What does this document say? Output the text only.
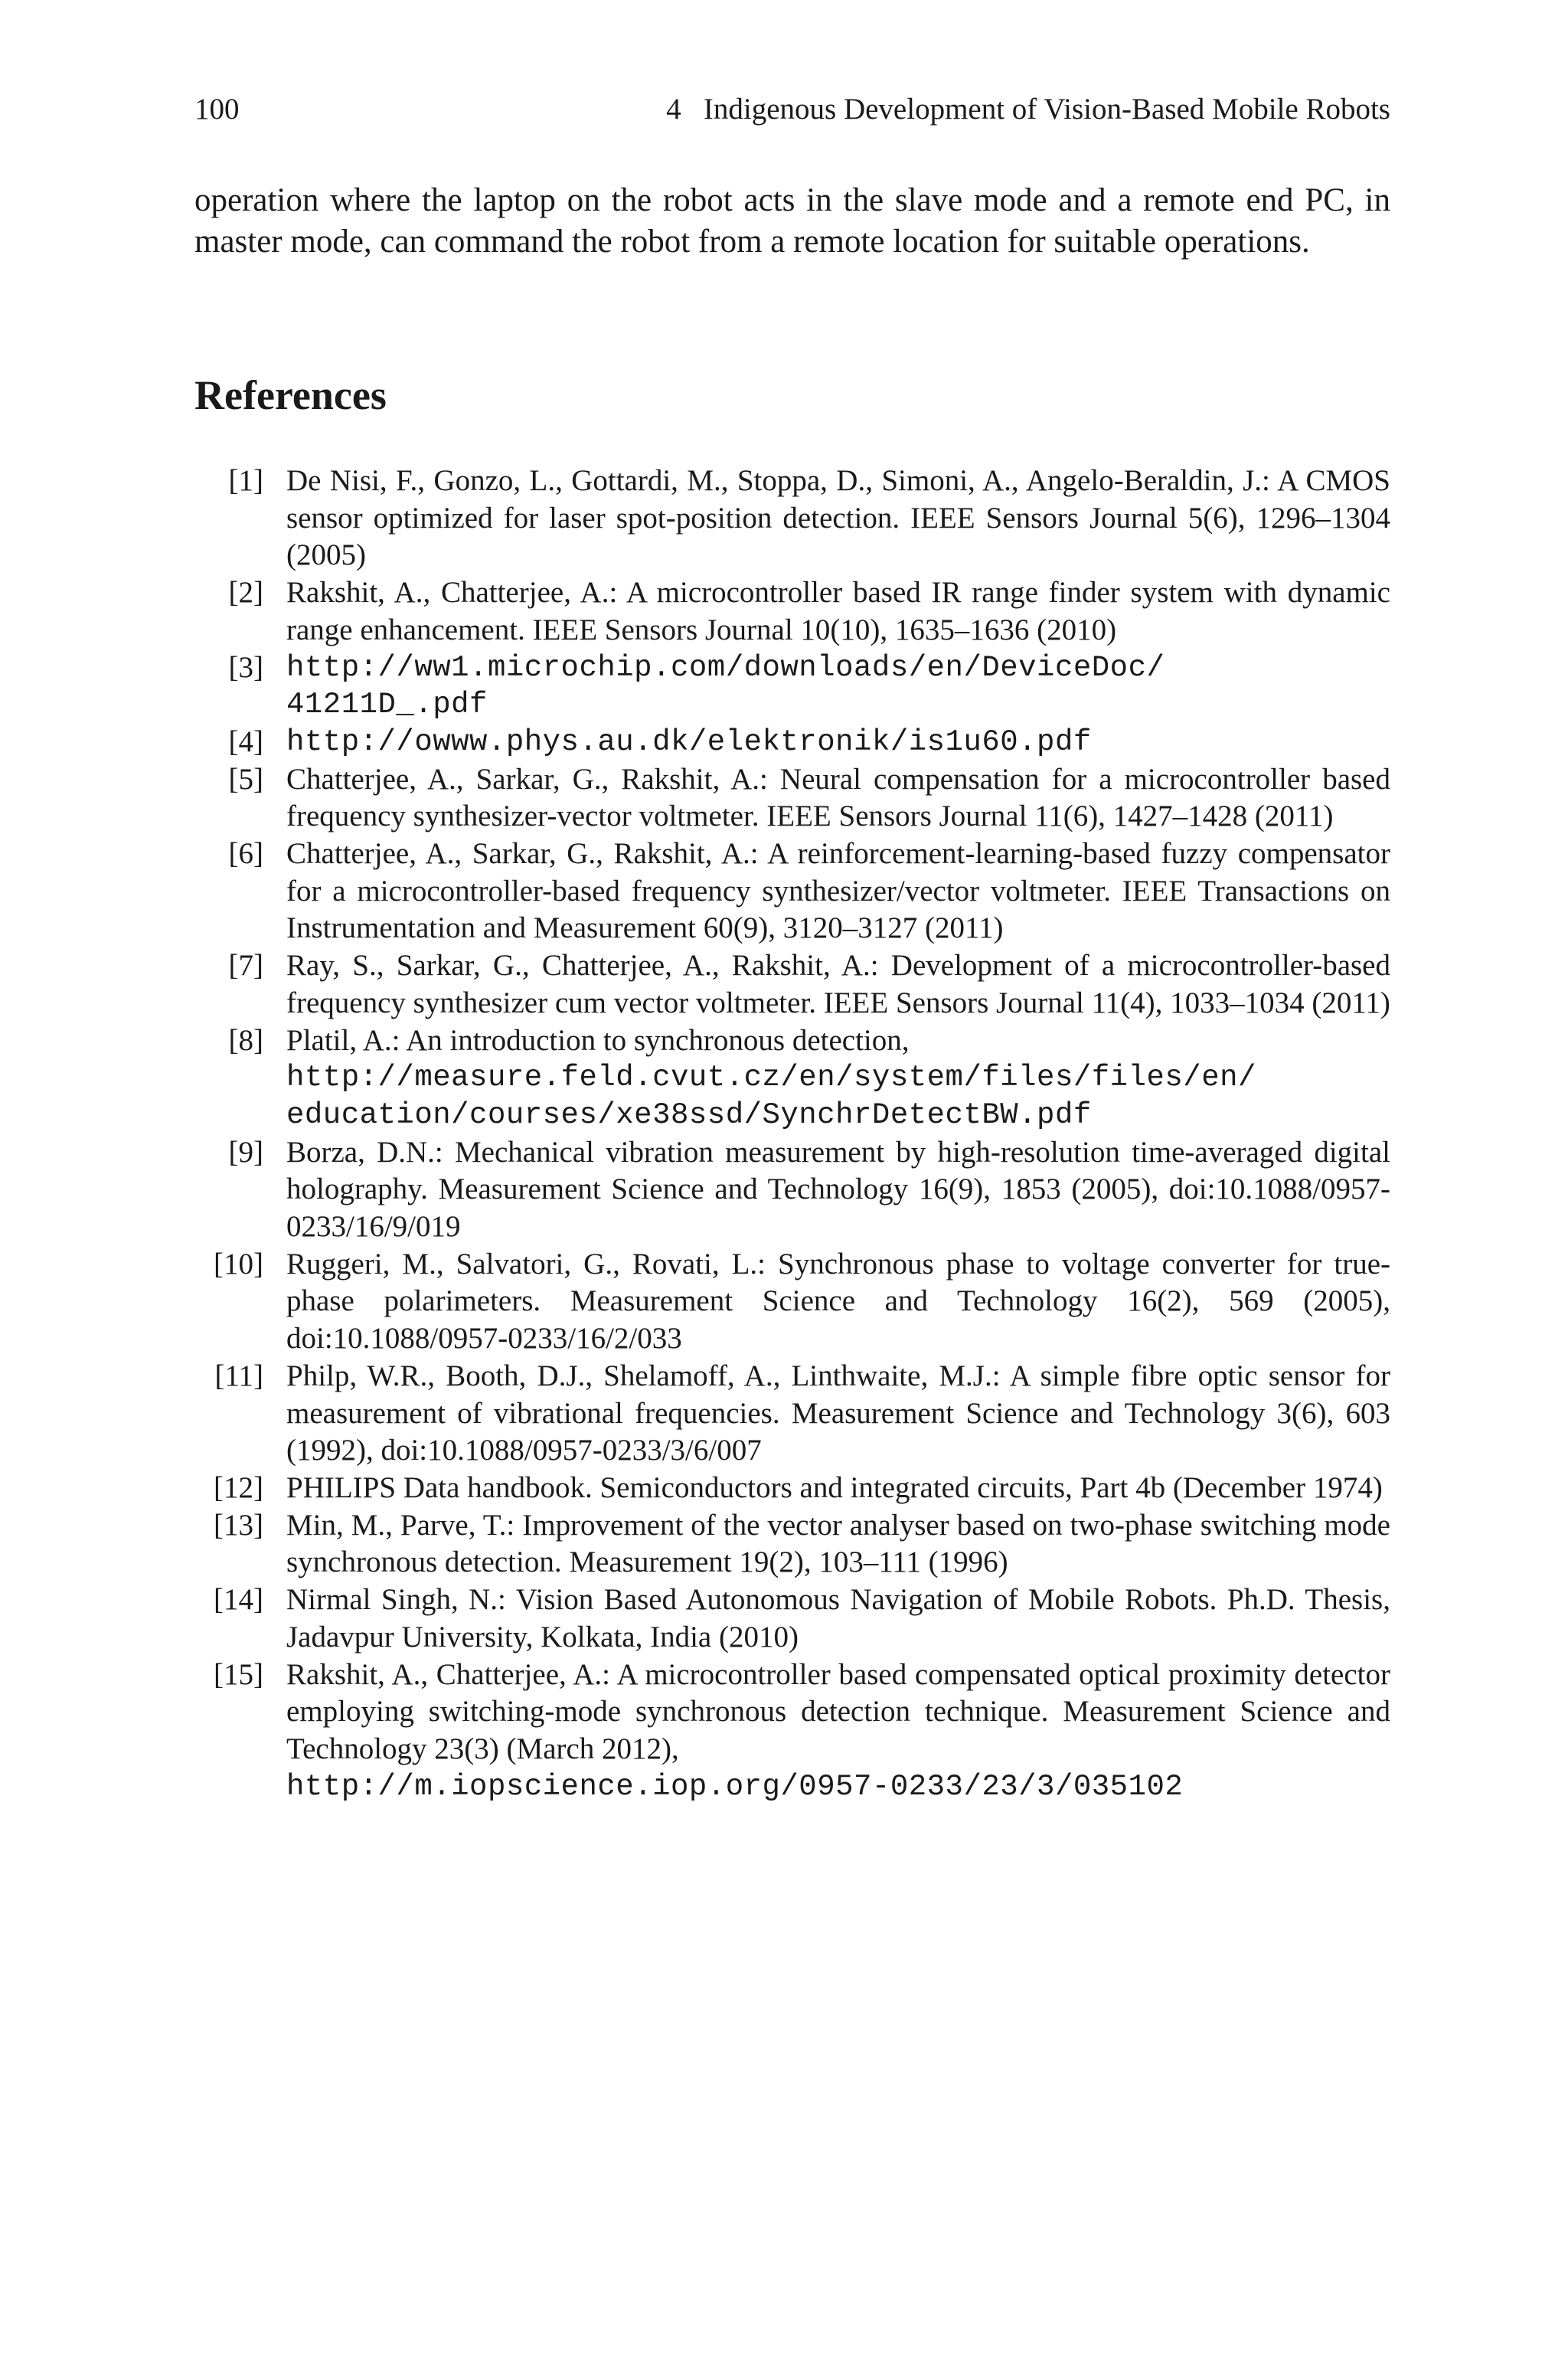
100	4   Indigenous Development of Vision-Based Mobile Robots

operation where the laptop on the robot acts in the slave mode and a remote end PC, in master mode, can command the robot from a remote location for suitable operations.

References
[1] De Nisi, F., Gonzo, L., Gottardi, M., Stoppa, D., Simoni, A., Angelo-Beraldin, J.: A CMOS sensor optimized for laser spot-position detection. IEEE Sensors Journal 5(6), 1296–1304 (2005)
[2] Rakshit, A., Chatterjee, A.: A microcontroller based IR range finder system with dynamic range enhancement. IEEE Sensors Journal 10(10), 1635–1636 (2010)
[3] http://ww1.microchip.com/downloads/en/DeviceDoc/
41211D_.pdf
[4] http://owww.phys.au.dk/elektronik/is1u60.pdf
[5] Chatterjee, A., Sarkar, G., Rakshit, A.: Neural compensation for a microcontroller based frequency synthesizer-vector voltmeter. IEEE Sensors Journal 11(6), 1427–1428 (2011)
[6] Chatterjee, A., Sarkar, G., Rakshit, A.: A reinforcement-learning-based fuzzy compensator for a microcontroller-based frequency synthesizer/vector voltmeter. IEEE Transactions on Instrumentation and Measurement 60(9), 3120–3127 (2011)
[7] Ray, S., Sarkar, G., Chatterjee, A., Rakshit, A.: Development of a microcontroller-based frequency synthesizer cum vector voltmeter. IEEE Sensors Journal 11(4), 1033–1034 (2011)
[8] Platil, A.: An introduction to synchronous detection,
http://measure.feld.cvut.cz/en/system/files/files/en/
education/courses/xe38ssd/SynchrDetectBW.pdf
[9] Borza, D.N.: Mechanical vibration measurement by high-resolution time-averaged digital holography. Measurement Science and Technology 16(9), 1853 (2005), doi:10.1088/0957-0233/16/9/019
[10] Ruggeri, M., Salvatori, G., Rovati, L.: Synchronous phase to voltage converter for true-phase polarimeters. Measurement Science and Technology 16(2), 569 (2005), doi:10.1088/0957-0233/16/2/033
[11] Philp, W.R., Booth, D.J., Shelamoff, A., Linthwaite, M.J.: A simple fibre optic sensor for measurement of vibrational frequencies. Measurement Science and Technology 3(6), 603 (1992), doi:10.1088/0957-0233/3/6/007
[12] PHILIPS Data handbook. Semiconductors and integrated circuits, Part 4b (December 1974)
[13] Min, M., Parve, T.: Improvement of the vector analyser based on two-phase switching mode synchronous detection. Measurement 19(2), 103–111 (1996)
[14] Nirmal Singh, N.: Vision Based Autonomous Navigation of Mobile Robots. Ph.D. Thesis, Jadavpur University, Kolkata, India (2010)
[15] Rakshit, A., Chatterjee, A.: A microcontroller based compensated optical proximity detector employing switching-mode synchronous detection technique. Measurement Science and Technology 23(3) (March 2012),
http://m.iopscience.iop.org/0957-0233/23/3/035102
